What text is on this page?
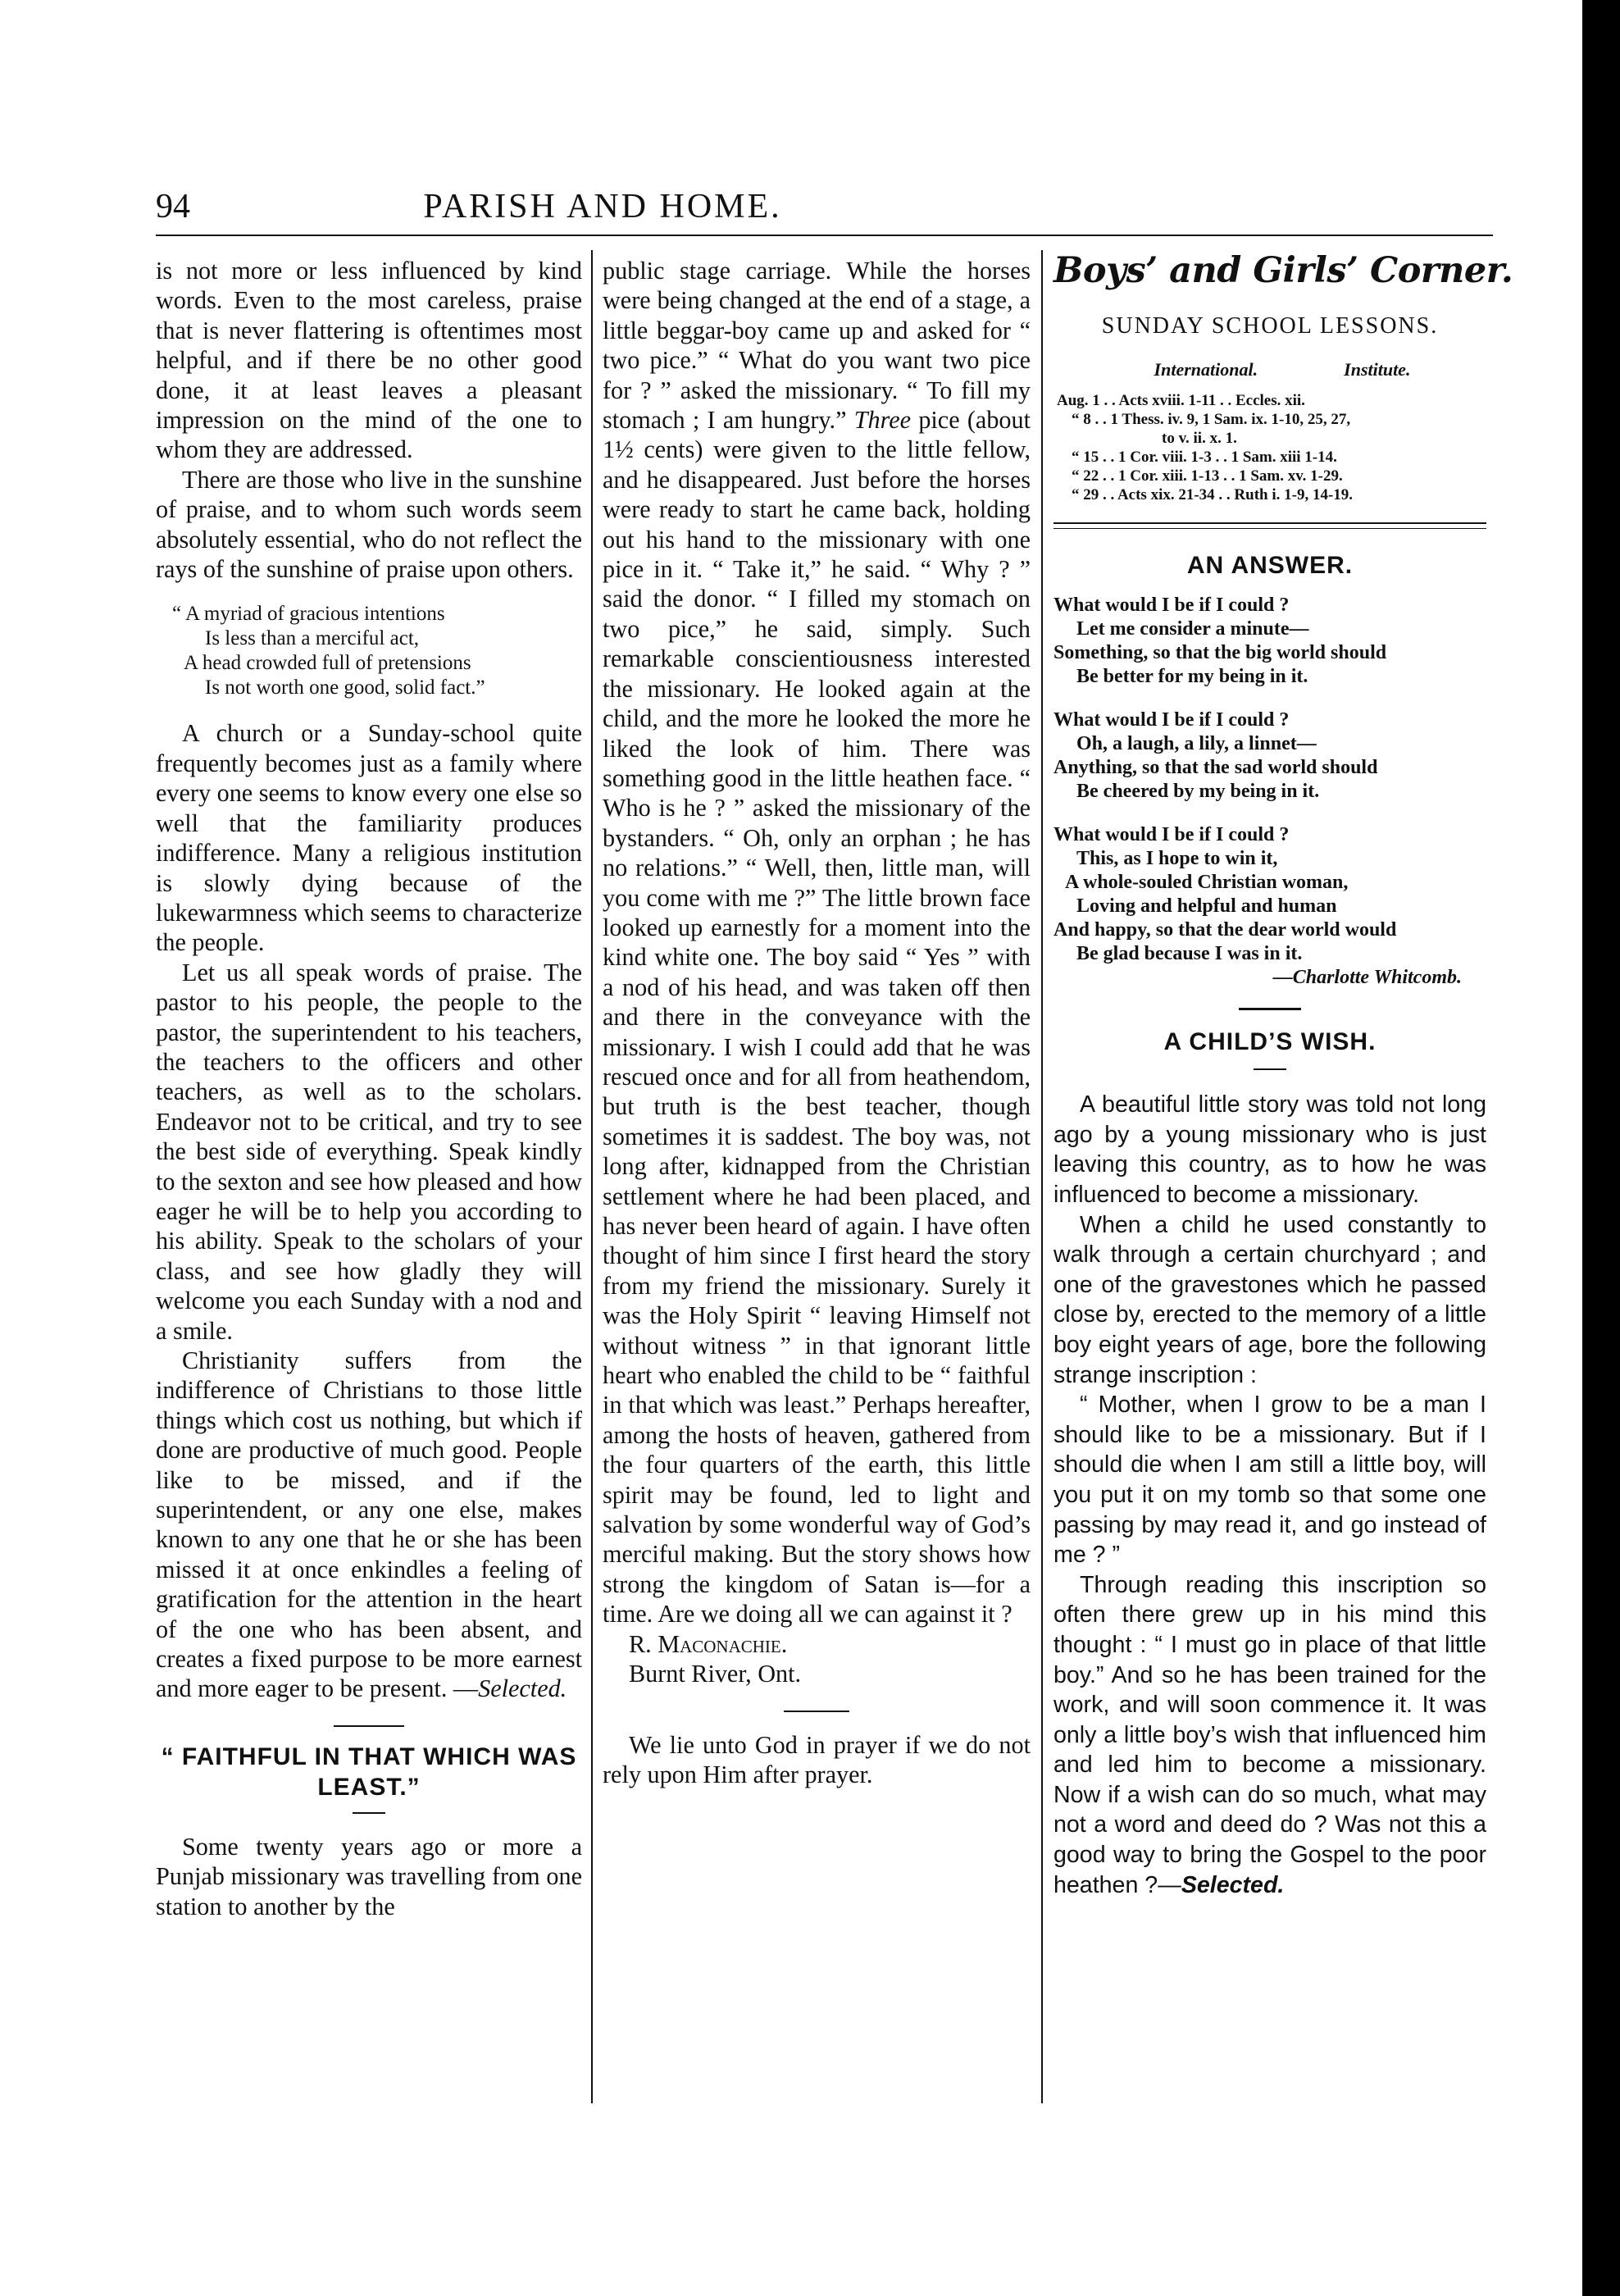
94	PARISH AND HOME.

is not more or less influenced by kind words. Even to the most careless, praise that is never flattering is oftentimes most helpful, and if there be no other good done, it at least leaves a pleasant impression on the mind of the one to whom they are addressed.

There are those who live in the sunshine of praise, and to whom such words seem absolutely essential, who do not reflect the rays of the sunshine of praise upon others.

“ A myriad of gracious intentions
Is less than a merciful act,
A head crowded full of pretensions
Is not worth one good, solid fact.”

A church or a Sunday-school quite frequently becomes just as a family where every one seems to know every one else so well that the familiarity produces indifference. Many a religious institution is slowly dying because of the lukewarmness which seems to characterize the people.

Let us all speak words of praise. The pastor to his people, the people to the pastor, the superintendent to his teachers, the teachers to the officers and other teachers, as well as to the scholars. Endeavor not to be critical, and try to see the best side of everything. Speak kindly to the sexton and see how pleased and how eager he will be to help you according to his ability. Speak to the scholars of your class, and see how gladly they will welcome you each Sunday with a nod and a smile.

Christianity suffers from the indifference of Christians to those little things which cost us nothing, but which if done are productive of much good. People like to be missed, and if the superintendent, or any one else, makes known to any one that he or she has been missed it at once enkindles a feeling of gratification for the attention in the heart of the one who has been absent, and creates a fixed purpose to be more earnest and more eager to be present. —Selected.

“ FAITHFUL IN THAT WHICH WAS LEAST.”

Some twenty years ago or more a Punjab missionary was travelling from one station to another by the

public stage carriage. While the horses were being changed at the end of a stage, a little beggar-boy came up and asked for “ two pice.” “ What do you want two pice for ? ” asked the missionary. “ To fill my stomach ; I am hungry.” Three pice (about 1½ cents) were given to the little fellow, and he disappeared. Just before the horses were ready to start he came back, holding out his hand to the missionary with one pice in it. “ Take it,” he said. “ Why ? ” said the donor. “ I filled my stomach on two pice,” he said, simply. Such remarkable conscientiousness interested the missionary. He looked again at the child, and the more he looked the more he liked the look of him. There was something good in the little heathen face. “ Who is he ? ” asked the missionary of the bystanders. “ Oh, only an orphan ; he has no relations.” “ Well, then, little man, will you come with me ?” The little brown face looked up earnestly for a moment into the kind white one. The boy said “ Yes ” with a nod of his head, and was taken off then and there in the conveyance with the missionary. I wish I could add that he was rescued once and for all from heathendom, but truth is the best teacher, though sometimes it is saddest. The boy was, not long after, kidnapped from the Christian settlement where he had been placed, and has never been heard of again. I have often thought of him since I first heard the story from my friend the missionary. Surely it was the Holy Spirit “ leaving Himself not without witness ” in that ignorant little heart who enabled the child to be “ faithful in that which was least.” Perhaps hereafter, among the hosts of heaven, gathered from the four quarters of the earth, this little spirit may be found, led to light and salvation by some wonderful way of God’s merciful making. But the story shows how strong the kingdom of Satan is—for a time. Are we doing all we can against it ?

R. Maconachie.

Burnt River, Ont.

We lie unto God in prayer if we do not rely upon Him after prayer.

Boys’ and Girls’ Corner.
SUNDAY SCHOOL LESSONS.
International.	Institute.
Aug. 1 . . Acts xviii. 1-11 . . Eccles. xii.
“ 8 . . 1 Thess. iv. 9, 1 Sam. ix. 1-10, 25, 27,
to v. ii. x. 1.
“ 15 . . 1 Cor. viii. 1-3 . . 1 Sam. xiii 1-14.
“ 22 . . 1 Cor. xiii. 1-13 . . 1 Sam. xv. 1-29.
“ 29 . . Acts xix. 21-34 . . Ruth i. 1-9, 14-19.
AN ANSWER.
What would I be if I could ?
Let me consider a minute—
Something, so that the big world should
Be better for my being in it.
What would I be if I could ?
Oh, a laugh, a lily, a linnet—
Anything, so that the sad world should
Be cheered by my being in it.
What would I be if I could ?
This, as I hope to win it,
A whole-souled Christian woman,
Loving and helpful and human
And happy, so that the dear world would
Be glad because I was in it.
—Charlotte Whitcomb.
A CHILD’S WISH.

A beautiful little story was told not long ago by a young missionary who is just leaving this country, as to how he was influenced to become a missionary.

When a child he used constantly to walk through a certain churchyard ; and one of the gravestones which he passed close by, erected to the memory of a little boy eight years of age, bore the following strange inscription :

“ Mother, when I grow to be a man I should like to be a missionary. But if I should die when I am still a little boy, will you put it on my tomb so that some one passing by may read it, and go instead of me ? ”

Through reading this inscription so often there grew up in his mind this thought : “ I must go in place of that little boy.” And so he has been trained for the work, and will soon commence it. It was only a little boy’s wish that influenced him and led him to become a missionary. Now if a wish can do so much, what may not a word and deed do ? Was not this a good way to bring the Gospel to the poor heathen ?—Selected.
